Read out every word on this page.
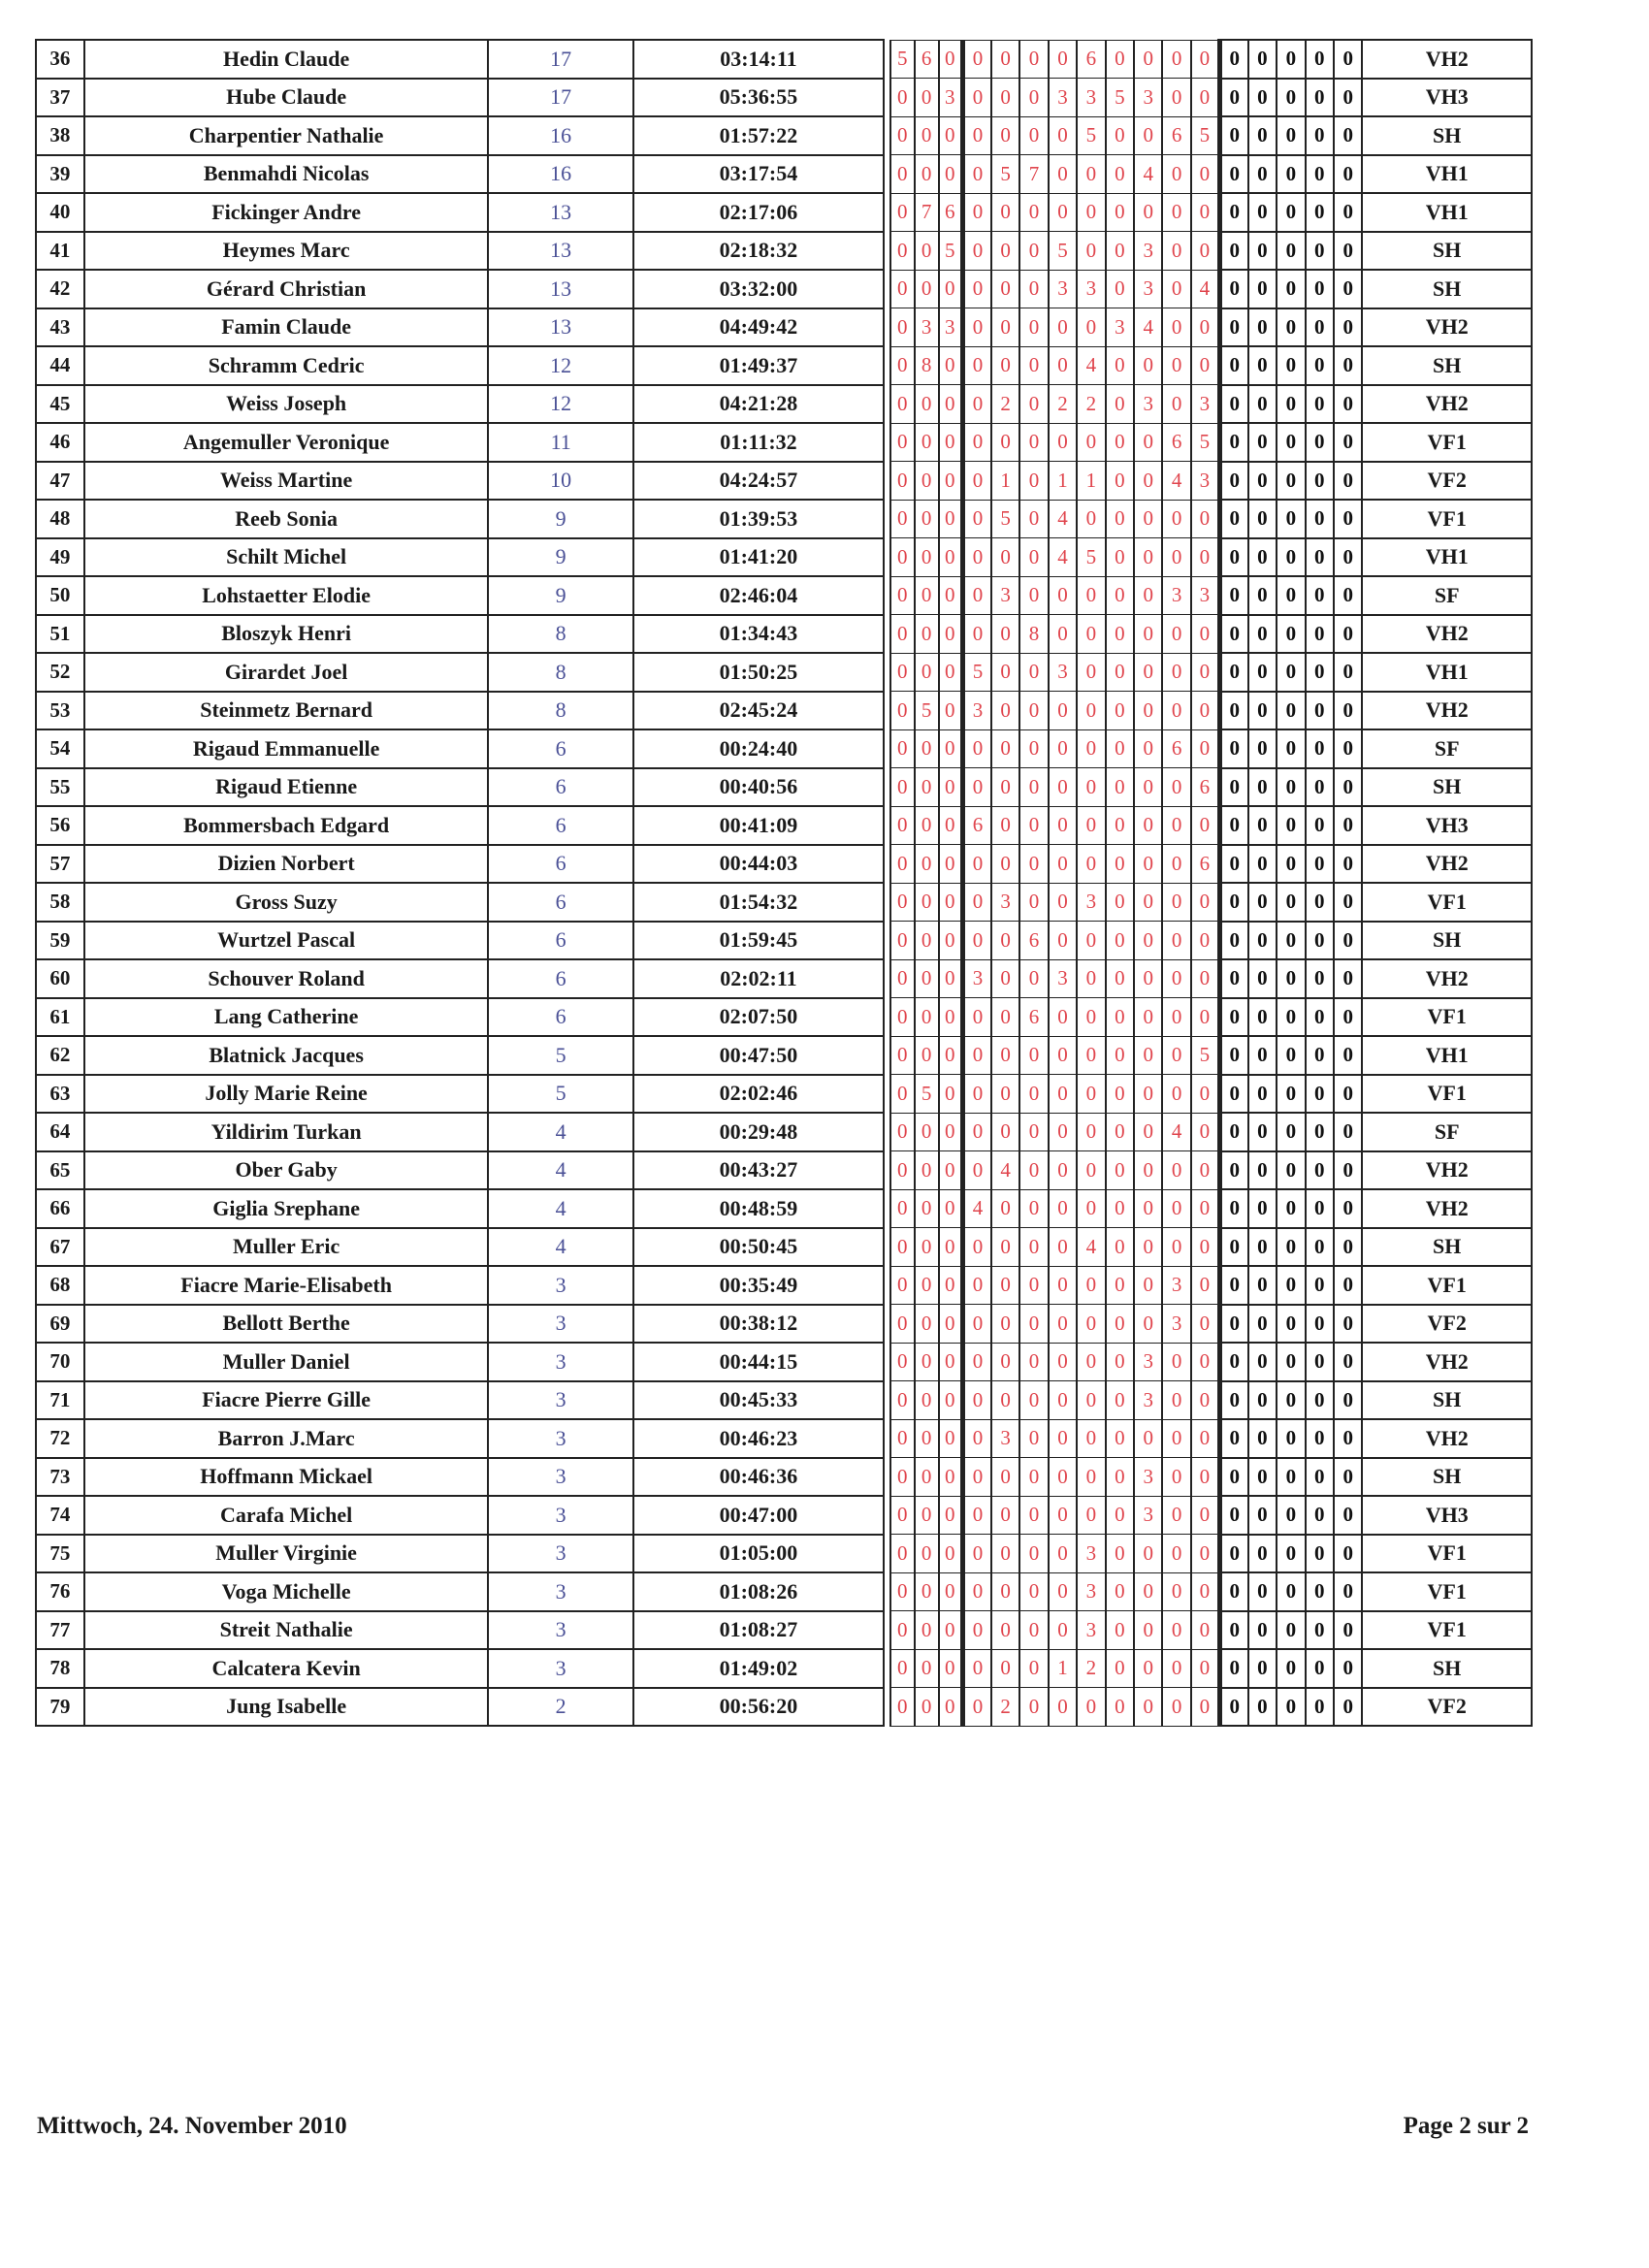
36	Hedin Claude	17	03:14:11		5	6	0	0	0	0	0	6	0	0	0	0	0	0	0	0	0	VH2
37	Hube Claude	17	05:36:55		0	0	3	0	0	0	3	3	5	3	0	0	0	0	0	0	0	VH3
38	Charpentier Nathalie	16	01:57:22		0	0	0	0	0	0	0	5	0	0	6	5	0	0	0	0	0	SH
39	Benmahdi Nicolas	16	03:17:54		0	0	0	0	5	7	0	0	0	4	0	0	0	0	0	0	0	VH1
40	Fickinger Andre	13	02:17:06		0	7	6	0	0	0	0	0	0	0	0	0	0	0	0	0	0	VH1
41	Heymes Marc	13	02:18:32		0	0	5	0	0	0	5	0	0	3	0	0	0	0	0	0	0	SH
42	Gérard Christian	13	03:32:00		0	0	0	0	0	0	3	3	0	3	0	4	0	0	0	0	0	SH
43	Famin Claude	13	04:49:42		0	3	3	0	0	0	0	0	3	4	0	0	0	0	0	0	0	VH2
44	Schramm Cedric	12	01:49:37		0	8	0	0	0	0	0	4	0	0	0	0	0	0	0	0	0	SH
45	Weiss Joseph	12	04:21:28		0	0	0	0	2	0	2	2	0	3	0	3	0	0	0	0	0	VH2
46	Angemuller Veronique	11	01:11:32		0	0	0	0	0	0	0	0	0	0	6	5	0	0	0	0	0	VF1
47	Weiss Martine	10	04:24:57		0	0	0	0	1	0	1	1	0	0	4	3	0	0	0	0	0	VF2
48	Reeb Sonia	9	01:39:53		0	0	0	0	5	0	4	0	0	0	0	0	0	0	0	0	0	VF1
49	Schilt Michel	9	01:41:20		0	0	0	0	0	0	4	5	0	0	0	0	0	0	0	0	0	VH1
50	Lohstaetter Elodie	9	02:46:04		0	0	0	0	3	0	0	0	0	0	3	3	0	0	0	0	0	SF
51	Bloszyk Henri	8	01:34:43		0	0	0	0	0	8	0	0	0	0	0	0	0	0	0	0	0	VH2
52	Girardet Joel	8	01:50:25		0	0	0	5	0	0	3	0	0	0	0	0	0	0	0	0	0	VH1
53	Steinmetz Bernard	8	02:45:24		0	5	0	3	0	0	0	0	0	0	0	0	0	0	0	0	0	VH2
54	Rigaud Emmanuelle	6	00:24:40		0	0	0	0	0	0	0	0	0	0	6	0	0	0	0	0	0	SF
55	Rigaud Etienne	6	00:40:56		0	0	0	0	0	0	0	0	0	0	0	6	0	0	0	0	0	SH
56	Bommersbach Edgard	6	00:41:09		0	0	0	6	0	0	0	0	0	0	0	0	0	0	0	0	0	VH3
57	Dizien Norbert	6	00:44:03		0	0	0	0	0	0	0	0	0	0	0	6	0	0	0	0	0	VH2
58	Gross Suzy	6	01:54:32		0	0	0	0	3	0	0	3	0	0	0	0	0	0	0	0	0	VF1
59	Wurtzel Pascal	6	01:59:45		0	0	0	0	0	6	0	0	0	0	0	0	0	0	0	0	0	SH
60	Schouver Roland	6	02:02:11		0	0	0	3	0	0	3	0	0	0	0	0	0	0	0	0	0	VH2
61	Lang Catherine	6	02:07:50		0	0	0	0	0	6	0	0	0	0	0	0	0	0	0	0	0	VF1
62	Blatnick Jacques	5	00:47:50		0	0	0	0	0	0	0	0	0	0	0	5	0	0	0	0	0	VH1
63	Jolly Marie Reine	5	02:02:46		0	5	0	0	0	0	0	0	0	0	0	0	0	0	0	0	0	VF1
64	Yildirim Turkan	4	00:29:48		0	0	0	0	0	0	0	0	0	0	4	0	0	0	0	0	0	SF
65	Ober Gaby	4	00:43:27		0	0	0	0	4	0	0	0	0	0	0	0	0	0	0	0	0	VH2
66	Giglia Srephane	4	00:48:59		0	0	0	4	0	0	0	0	0	0	0	0	0	0	0	0	0	VH2
67	Muller Eric	4	00:50:45		0	0	0	0	0	0	0	4	0	0	0	0	0	0	0	0	0	SH
68	Fiacre Marie-Elisabeth	3	00:35:49		0	0	0	0	0	0	0	0	0	0	3	0	0	0	0	0	0	VF1
69	Bellott Berthe	3	00:38:12		0	0	0	0	0	0	0	0	0	0	3	0	0	0	0	0	0	VF2
70	Muller Daniel	3	00:44:15		0	0	0	0	0	0	0	0	0	3	0	0	0	0	0	0	0	VH2
71	Fiacre Pierre Gille	3	00:45:33		0	0	0	0	0	0	0	0	0	3	0	0	0	0	0	0	0	SH
72	Barron J.Marc	3	00:46:23		0	0	0	0	3	0	0	0	0	0	0	0	0	0	0	0	0	VH2
73	Hoffmann Mickael	3	00:46:36		0	0	0	0	0	0	0	0	0	3	0	0	0	0	0	0	0	SH
74	Carafa Michel	3	00:47:00		0	0	0	0	0	0	0	0	0	3	0	0	0	0	0	0	0	VH3
75	Muller Virginie	3	01:05:00		0	0	0	0	0	0	0	3	0	0	0	0	0	0	0	0	0	VF1
76	Voga Michelle	3	01:08:26		0	0	0	0	0	0	0	3	0	0	0	0	0	0	0	0	0	VF1
77	Streit Nathalie	3	01:08:27		0	0	0	0	0	0	0	3	0	0	0	0	0	0	0	0	0	VF1
78	Calcatera Kevin	3	01:49:02		0	0	0	0	0	0	1	2	0	0	0	0	0	0	0	0	0	SH
79	Jung Isabelle	2	00:56:20		0	0	0	0	2	0	0	0	0	0	0	0	0	0	0	0	0	VF2
Mittwoch, 24. November 2010	Page 2 sur 2
